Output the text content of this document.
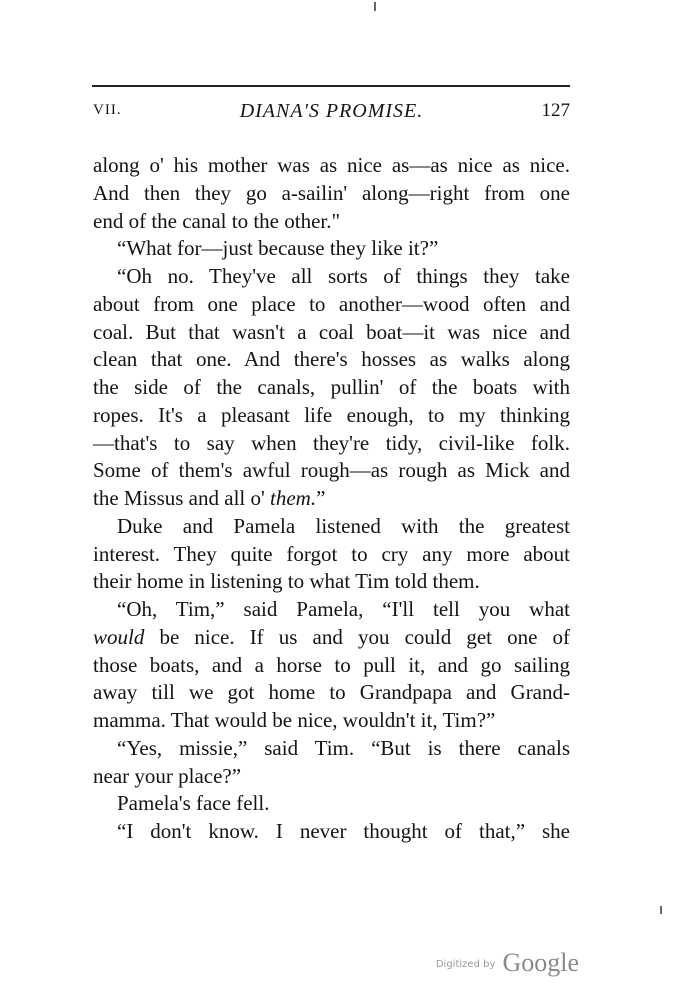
VII.	DIANA'S PROMISE.	127
along o' his mother was as nice as—as nice as nice.
And then they go a-sailin' along—right from one
end of the canal to the other."
“What for—just because they like it?”
“Oh no. They've all sorts of things they take
about from one place to another—wood often and
coal. But that wasn't a coal boat—it was nice and
clean that one. And there's hosses as walks along
the side of the canals, pullin' of the boats with
ropes. It's a pleasant life enough, to my thinking
—that's to say when they're tidy, civil-like folk.
Some of them's awful rough—as rough as Mick and
the Missus and all o' them.”
Duke and Pamela listened with the greatest
interest. They quite forgot to cry any more about
their home in listening to what Tim told them.
“Oh, Tim,” said Pamela, “I'll tell you what
would be nice. If us and you could get one of
those boats, and a horse to pull it, and go sailing
away till we got home to Grandpapa and Grand-
mamma. That would be nice, wouldn't it, Tim?”
“Yes, missie,” said Tim. “But is there canals
near your place?”
Pamela's face fell.
“I don't know. I never thought of that,” she
$^{Digitized by}$ Google
